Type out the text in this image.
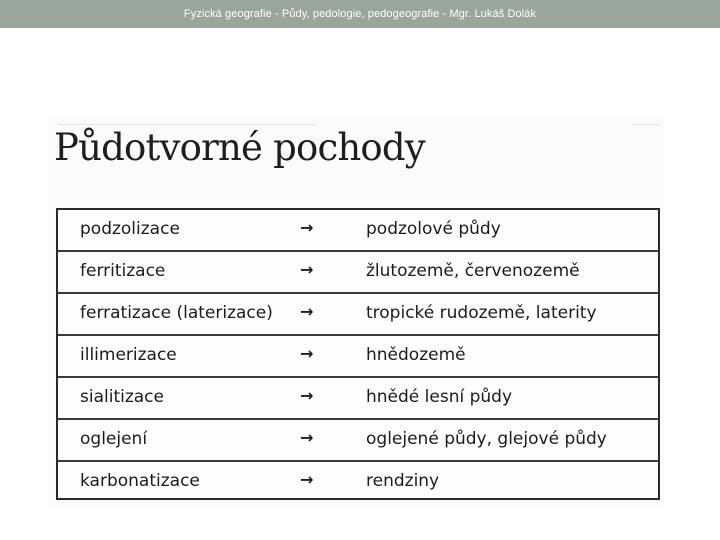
Fyzická geografie - Půdy, pedologie, pedogeografie - Mgr. Lukáš Dolák
Půdotvorné pochody
podzolizace	→	podzolové půdy
ferritizace	→	žlutozemě, červenozemě
ferratizace (laterizace) →	tropické rudozemě, laterity
illimerizace	→	hnědozemě
sialitizace	→	hnědé lesní půdy
oglejení	→	oglejené půdy, glejové půdy
karbonatizace	→	rendziny
